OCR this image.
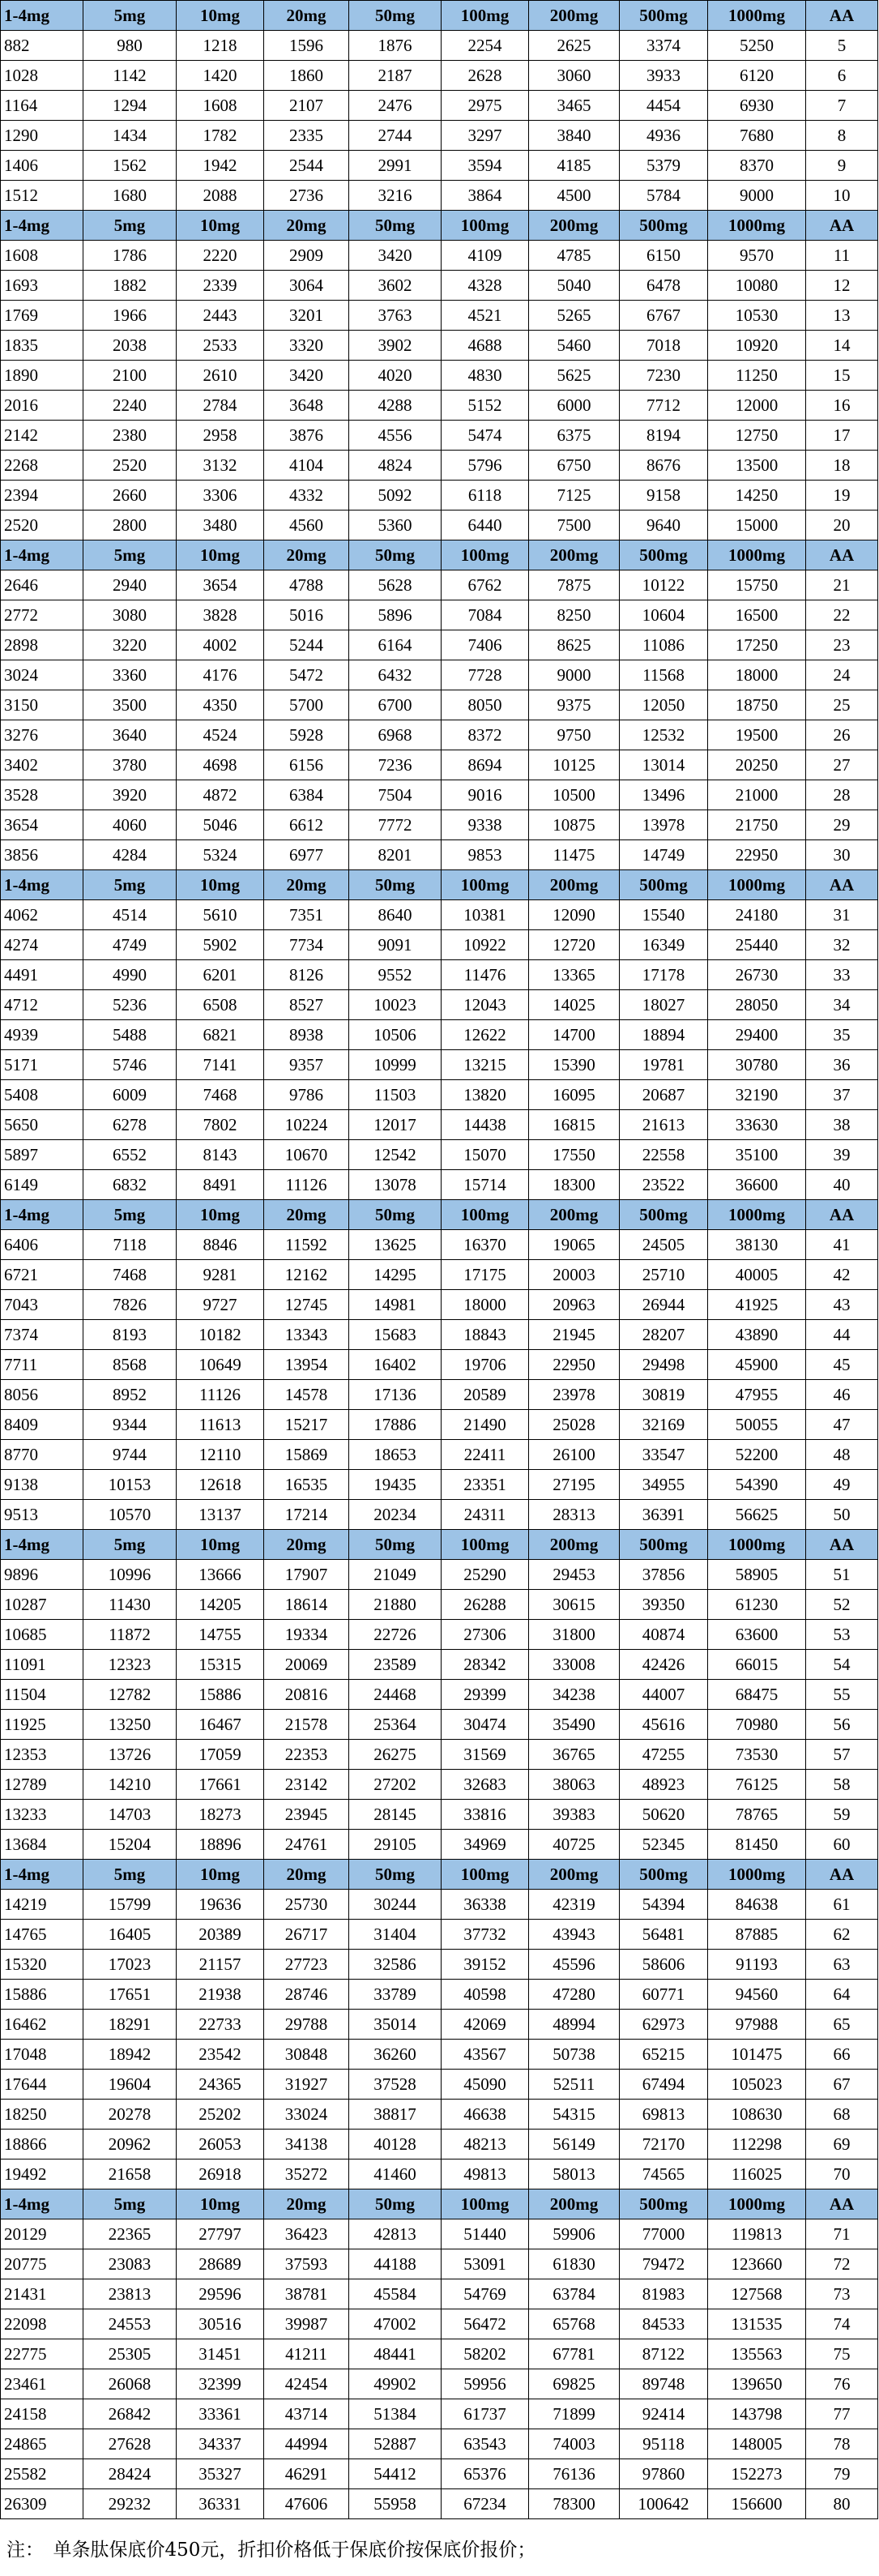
1-4mg	5mg	10mg	20mg	50mg	100mg	200mg	500mg	1000mg	AA
882	980	1218	1596	1876	2254	2625	3374	5250	5
1028	1142	1420	1860	2187	2628	3060	3933	6120	6
1164	1294	1608	2107	2476	2975	3465	4454	6930	7
1290	1434	1782	2335	2744	3297	3840	4936	7680	8
1406	1562	1942	2544	2991	3594	4185	5379	8370	9
1512	1680	2088	2736	3216	3864	4500	5784	9000	10
1-4mg	5mg	10mg	20mg	50mg	100mg	200mg	500mg	1000mg	AA
1608	1786	2220	2909	3420	4109	4785	6150	9570	11
1693	1882	2339	3064	3602	4328	5040	6478	10080	12
1769	1966	2443	3201	3763	4521	5265	6767	10530	13
1835	2038	2533	3320	3902	4688	5460	7018	10920	14
1890	2100	2610	3420	4020	4830	5625	7230	11250	15
2016	2240	2784	3648	4288	5152	6000	7712	12000	16
2142	2380	2958	3876	4556	5474	6375	8194	12750	17
2268	2520	3132	4104	4824	5796	6750	8676	13500	18
2394	2660	3306	4332	5092	6118	7125	9158	14250	19
2520	2800	3480	4560	5360	6440	7500	9640	15000	20
1-4mg	5mg	10mg	20mg	50mg	100mg	200mg	500mg	1000mg	AA
2646	2940	3654	4788	5628	6762	7875	10122	15750	21
2772	3080	3828	5016	5896	7084	8250	10604	16500	22
2898	3220	4002	5244	6164	7406	8625	11086	17250	23
3024	3360	4176	5472	6432	7728	9000	11568	18000	24
3150	3500	4350	5700	6700	8050	9375	12050	18750	25
3276	3640	4524	5928	6968	8372	9750	12532	19500	26
3402	3780	4698	6156	7236	8694	10125	13014	20250	27
3528	3920	4872	6384	7504	9016	10500	13496	21000	28
3654	4060	5046	6612	7772	9338	10875	13978	21750	29
3856	4284	5324	6977	8201	9853	11475	14749	22950	30
1-4mg	5mg	10mg	20mg	50mg	100mg	200mg	500mg	1000mg	AA
4062	4514	5610	7351	8640	10381	12090	15540	24180	31
4274	4749	5902	7734	9091	10922	12720	16349	25440	32
4491	4990	6201	8126	9552	11476	13365	17178	26730	33
4712	5236	6508	8527	10023	12043	14025	18027	28050	34
4939	5488	6821	8938	10506	12622	14700	18894	29400	35
5171	5746	7141	9357	10999	13215	15390	19781	30780	36
5408	6009	7468	9786	11503	13820	16095	20687	32190	37
5650	6278	7802	10224	12017	14438	16815	21613	33630	38
5897	6552	8143	10670	12542	15070	17550	22558	35100	39
6149	6832	8491	11126	13078	15714	18300	23522	36600	40
1-4mg	5mg	10mg	20mg	50mg	100mg	200mg	500mg	1000mg	AA
6406	7118	8846	11592	13625	16370	19065	24505	38130	41
6721	7468	9281	12162	14295	17175	20003	25710	40005	42
7043	7826	9727	12745	14981	18000	20963	26944	41925	43
7374	8193	10182	13343	15683	18843	21945	28207	43890	44
7711	8568	10649	13954	16402	19706	22950	29498	45900	45
8056	8952	11126	14578	17136	20589	23978	30819	47955	46
8409	9344	11613	15217	17886	21490	25028	32169	50055	47
8770	9744	12110	15869	18653	22411	26100	33547	52200	48
9138	10153	12618	16535	19435	23351	27195	34955	54390	49
9513	10570	13137	17214	20234	24311	28313	36391	56625	50
1-4mg	5mg	10mg	20mg	50mg	100mg	200mg	500mg	1000mg	AA
9896	10996	13666	17907	21049	25290	29453	37856	58905	51
10287	11430	14205	18614	21880	26288	30615	39350	61230	52
10685	11872	14755	19334	22726	27306	31800	40874	63600	53
11091	12323	15315	20069	23589	28342	33008	42426	66015	54
11504	12782	15886	20816	24468	29399	34238	44007	68475	55
11925	13250	16467	21578	25364	30474	35490	45616	70980	56
12353	13726	17059	22353	26275	31569	36765	47255	73530	57
12789	14210	17661	23142	27202	32683	38063	48923	76125	58
13233	14703	18273	23945	28145	33816	39383	50620	78765	59
13684	15204	18896	24761	29105	34969	40725	52345	81450	60
1-4mg	5mg	10mg	20mg	50mg	100mg	200mg	500mg	1000mg	AA
14219	15799	19636	25730	30244	36338	42319	54394	84638	61
14765	16405	20389	26717	31404	37732	43943	56481	87885	62
15320	17023	21157	27723	32586	39152	45596	58606	91193	63
15886	17651	21938	28746	33789	40598	47280	60771	94560	64
16462	18291	22733	29788	35014	42069	48994	62973	97988	65
17048	18942	23542	30848	36260	43567	50738	65215	101475	66
17644	19604	24365	31927	37528	45090	52511	67494	105023	67
18250	20278	25202	33024	38817	46638	54315	69813	108630	68
18866	20962	26053	34138	40128	48213	56149	72170	112298	69
19492	21658	26918	35272	41460	49813	58013	74565	116025	70
1-4mg	5mg	10mg	20mg	50mg	100mg	200mg	500mg	1000mg	AA
20129	22365	27797	36423	42813	51440	59906	77000	119813	71
20775	23083	28689	37593	44188	53091	61830	79472	123660	72
21431	23813	29596	38781	45584	54769	63784	81983	127568	73
22098	24553	30516	39987	47002	56472	65768	84533	131535	74
22775	25305	31451	41211	48441	58202	67781	87122	135563	75
23461	26068	32399	42454	49902	59956	69825	89748	139650	76
24158	26842	33361	43714	51384	61737	71899	92414	143798	77
24865	27628	34337	44994	52887	63543	74003	95118	148005	78
25582	28424	35327	46291	54412	65376	76136	97860	152273	79
26309	29232	36331	47606	55958	67234	78300	100642	156600	80
注：　单条肽保底价450元，折扣价格低于保底价按保底价报价；
